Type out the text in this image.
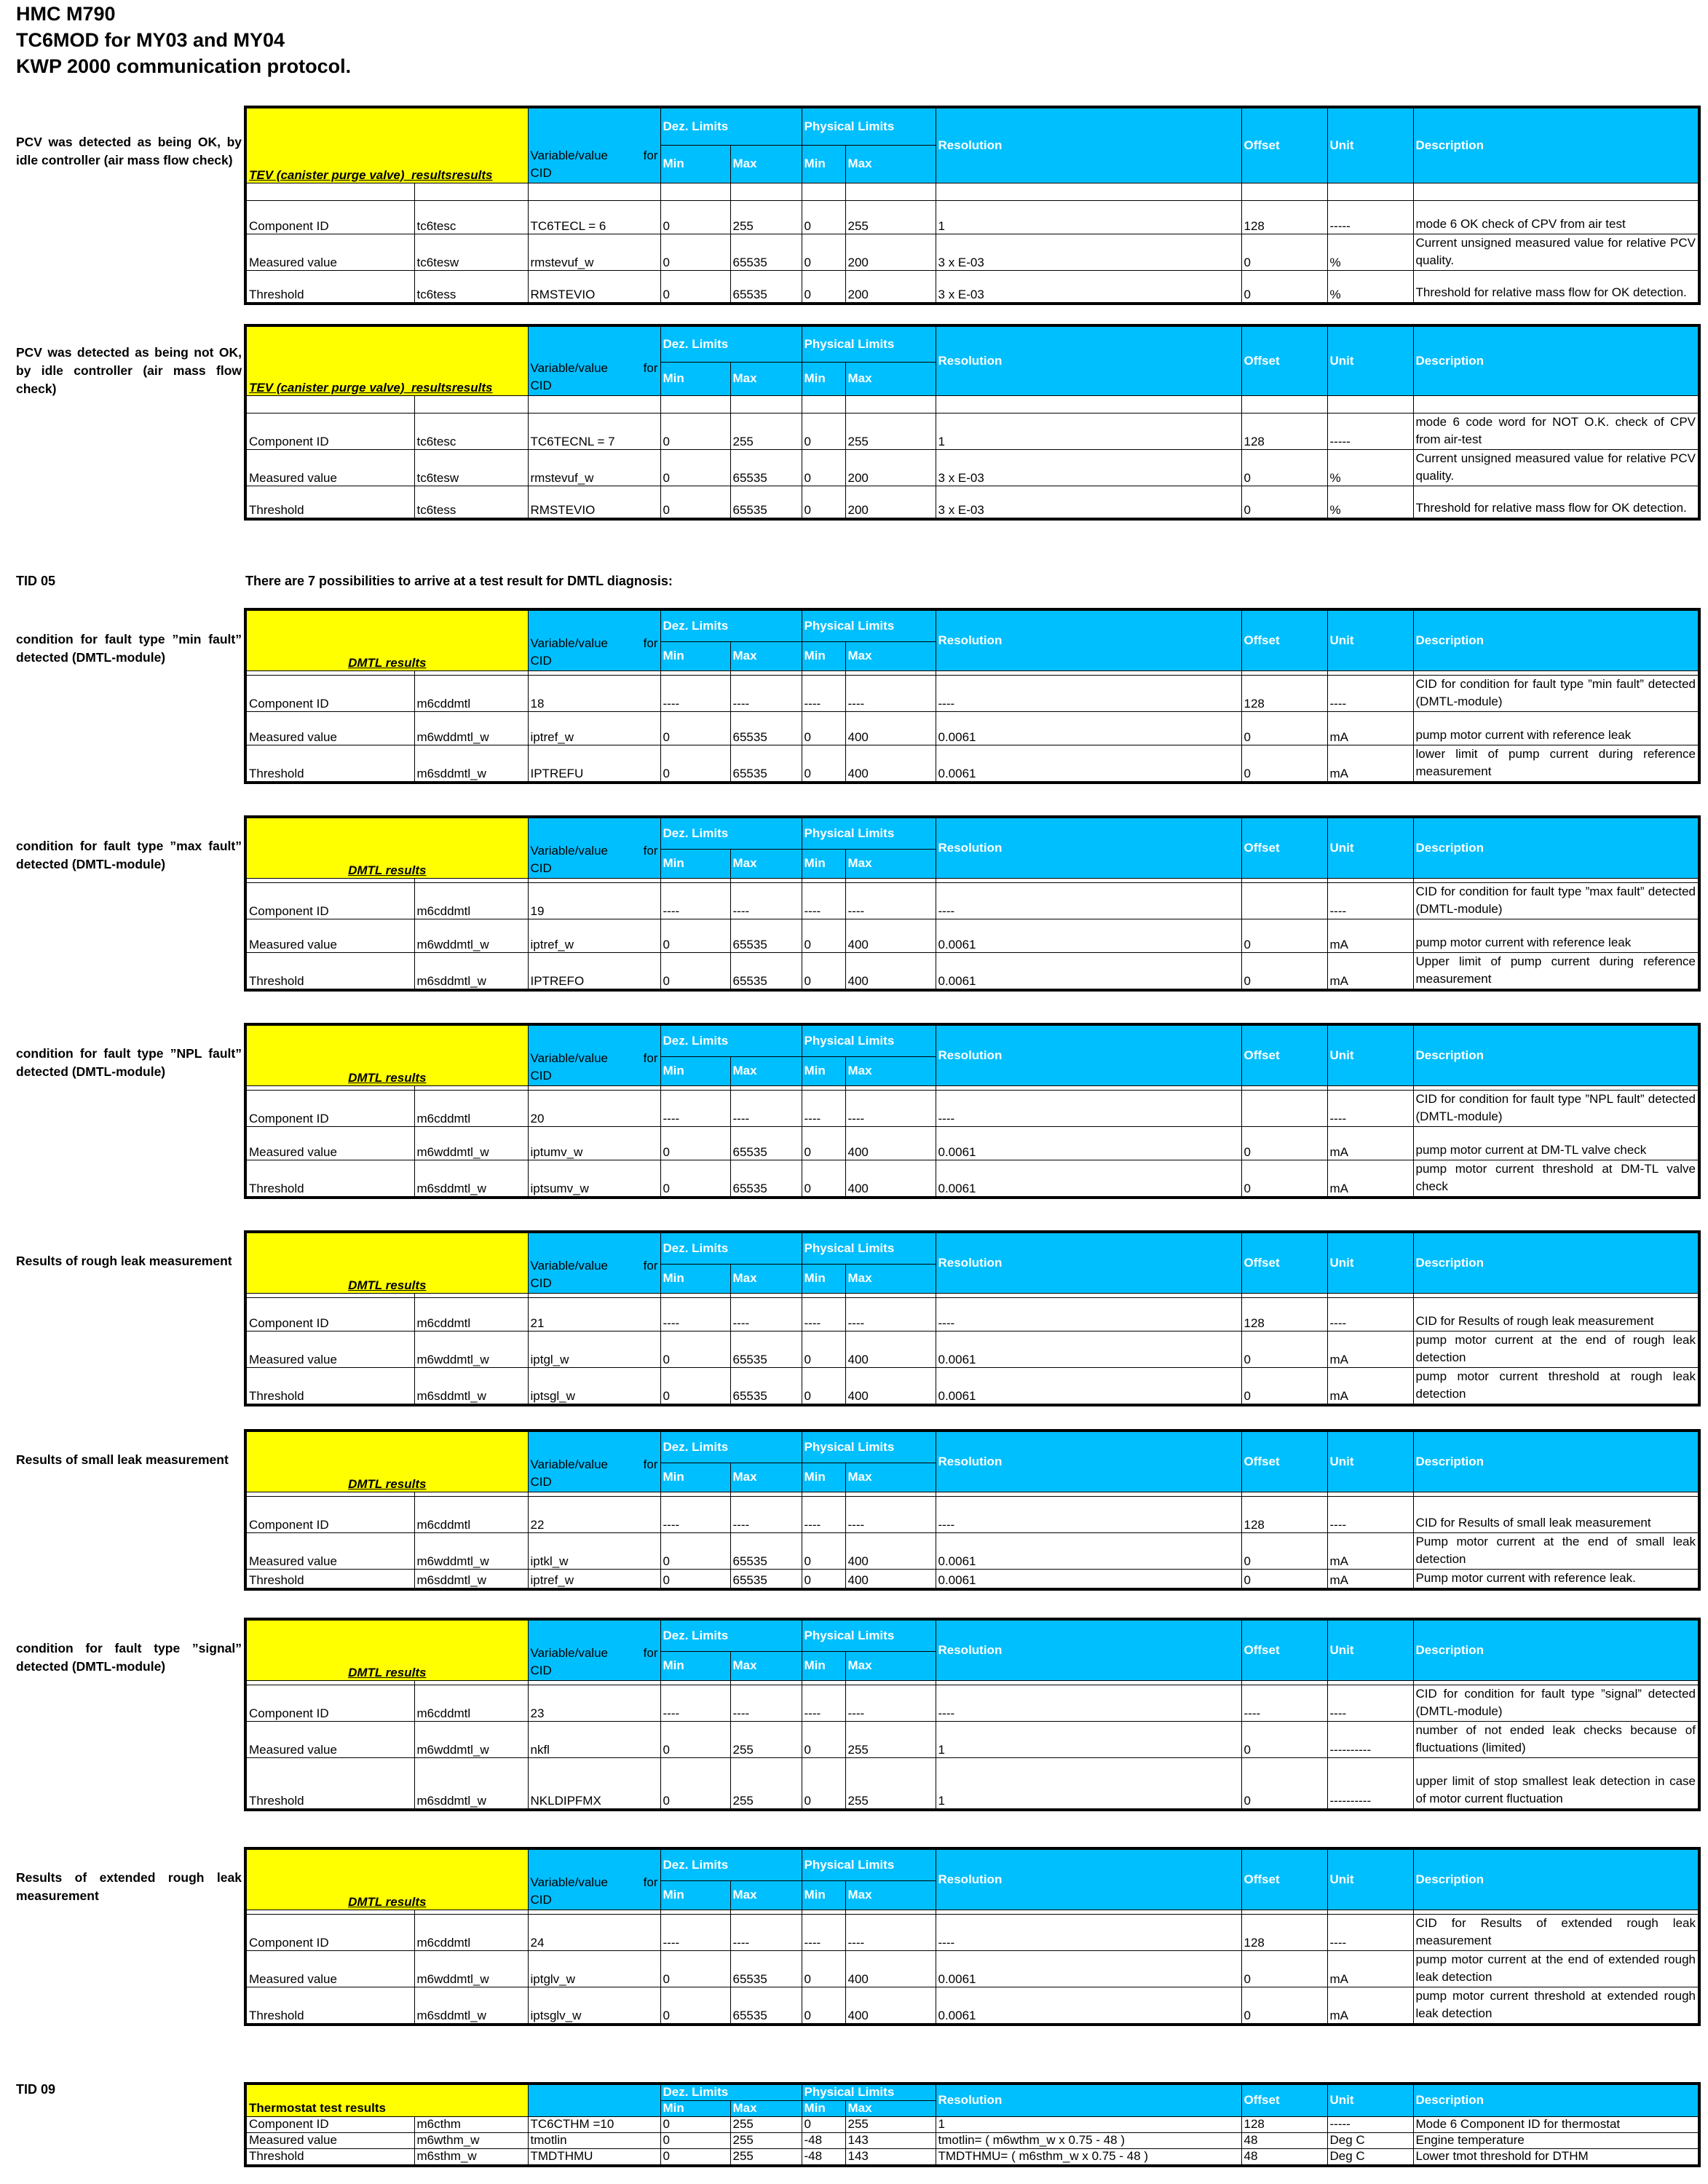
HMC M790
TC6MOD for MY03 and MY04
KWP 2000 communication protocol.
TID 05	There are 7 possibilities to arrive at a test result for DMTL diagnosis:
TID 09
PCV was detected as being OK, by idle controller (air mass flow check)
TEV (canister purge valve)_resultsresults		Variable/value for
CID	Dez. Limits		Physical Limits		Resolution	Offset	Unit	Description
			Min	Max	Min	Max				

Component ID	tc6tesc	TC6TECL = 6	0	255	0	255	1	128	-----	mode 6 OK check of CPV from air test
Measured value	tc6tesw	rmstevuf_w	0	65535	0	200	3 x E-03	0	%	Current unsigned measured value for relative PCV quality.
Threshold	tc6tess	RMSTEVIO	0	65535	0	200	3 x E-03	0	%	Threshold for relative mass flow for OK detection.
PCV was detected as being not OK, by idle controller (air mass flow check)	TEV (canister purge valve)_resultsresults		Variable/value for
CID	Dez. Limits		Physical Limits		Resolution	Offset	Unit	Description
			Min	Max	Min	Max				

Component ID	tc6tesc	TC6TECNL = 7	0	255	0	255	1	128	-----	mode 6 code word for NOT O.K. check of CPV from air-test
Measured value	tc6tesw	rmstevuf_w	0	65535	0	200	3 x E-03	0	%	Current unsigned measured value for relative PCV quality.
Threshold	tc6tess	RMSTEVIO	0	65535	0	200	3 x E-03	0	%	Threshold for relative mass flow for OK detection.
condition for fault type ”min fault” detected (DMTL-module)	DMTL results		Variable/value for
CID	Dez. Limits		Physical Limits		Resolution	Offset	Unit	Description
			Min	Max	Min	Max				

Component ID	m6cddmtl	18	----	----	----	----	----	128	----	CID for condition for fault type ”min fault” detected (DMTL-module)
Measured value	m6wddmtl_w	iptref_w	0	65535	0	400	0.0061	0	mA	pump motor current with reference leak
Threshold	m6sddmtl_w	IPTREFU	0	65535	0	400	0.0061	0	mA	lower limit of pump current during reference measurement
condition for fault type ”max fault” detected (DMTL-module)	DMTL results		Variable/value for
CID	Dez. Limits		Physical Limits		Resolution	Offset	Unit	Description
			Min	Max	Min	Max				

Component ID	m6cddmtl	19	----	----	----	----	----		----	CID for condition for fault type ”max fault” detected (DMTL-module)
Measured value	m6wddmtl_w	iptref_w	0	65535	0	400	0.0061	0	mA	pump motor current with reference leak
Threshold	m6sddmtl_w	IPTREFO	0	65535	0	400	0.0061	0	mA	Upper limit of pump current during reference measurement
condition for fault type ”NPL fault” detected (DMTL-module)	DMTL results		Variable/value for
CID	Dez. Limits		Physical Limits		Resolution	Offset	Unit	Description
			Min	Max	Min	Max				

Component ID	m6cddmtl	20	----	----	----	----	----		----	CID for condition for fault type ”NPL fault” detected (DMTL-module)
Measured value	m6wddmtl_w	iptumv_w	0	65535	0	400	0.0061	0	mA	pump motor current at DM-TL valve check
Threshold	m6sddmtl_w	iptsumv_w	0	65535	0	400	0.0061	0	mA	pump motor current threshold at DM-TL valve check
Results of rough leak measurement
DMTL results		Variable/value for
CID	Dez. Limits		Physical Limits		Resolution	Offset	Unit	Description
			Min	Max	Min	Max				

Component ID	m6cddmtl	21	----	----	----	----	----	128	----	CID for Results of rough leak measurement
Measured value	m6wddmtl_w	iptgl_w	0	65535	0	400	0.0061	0	mA	pump motor current at the end of rough leak detection
Threshold	m6sddmtl_w	iptsgl_w	0	65535	0	400	0.0061	0	mA	pump motor current threshold at rough leak detection
Results of small leak measurement
DMTL results		Variable/value for
CID	Dez. Limits		Physical Limits		Resolution	Offset	Unit	Description
			Min	Max	Min	Max				

Component ID	m6cddmtl	22	----	----	----	----	----	128	----	CID for Results of small leak measurement
Measured value	m6wddmtl_w	iptkl_w	0	65535	0	400	0.0061	0	mA	Pump motor current at the end of small leak detection
Threshold	m6sddmtl_w	iptref_w	0	65535	0	400	0.0061	0	mA	Pump motor current with reference leak.
condition for fault type ”signal” detected (DMTL-module)	DMTL results		Variable/value for
CID	Dez. Limits		Physical Limits		Resolution	Offset	Unit	Description
			Min	Max	Min	Max				

Component ID	m6cddmtl	23	----	----	----	----	----	----	----	CID for condition for fault type ”signal” detected (DMTL-module)
Measured value	m6wddmtl_w	nkfl	0	255	0	255	1	0	----------	number of not ended leak checks because of fluctuations (limited)
Threshold	m6sddmtl_w	NKLDIPFMX	0	255	0	255	1	0	----------	upper limit of stop smallest leak detection in case of motor current fluctuation
Results of extended rough leak measurement	DMTL results		Variable/value for
CID	Dez. Limits		Physical Limits		Resolution	Offset	Unit	Description
			Min	Max	Min	Max				

Component ID	m6cddmtl	24	----	----	----	----	----	128	----	CID for Results of extended rough leak measurement
Measured value	m6wddmtl_w	iptglv_w	0	65535	0	400	0.0061	0	mA	pump motor current at the end of extended rough leak detection
Threshold	m6sddmtl_w	iptsglv_w	0	65535	0	400	0.0061	0	mA	pump motor current threshold at extended rough leak detection
Thermostat test results			Dez. Limits		Physical Limits		Resolution	Offset	Unit	Description
			Min	Max	Min	Max				
Component ID	m6cthm	TC6CTHM =10	0	255	0	255	1	128	-----	Mode 6 Component ID for thermostat
Measured value	m6wthm_w	tmotlin	0	255	-48	143	tmotlin= ( m6wthm_w x 0.75 - 48 )	48	Deg C	Engine temperature
Threshold	m6sthm_w	TMDTHMU	0	255	-48	143	TMDTHMU= ( m6sthm_w x 0.75 - 48 )	48	Deg C	Lower tmot threshold for DTHM
